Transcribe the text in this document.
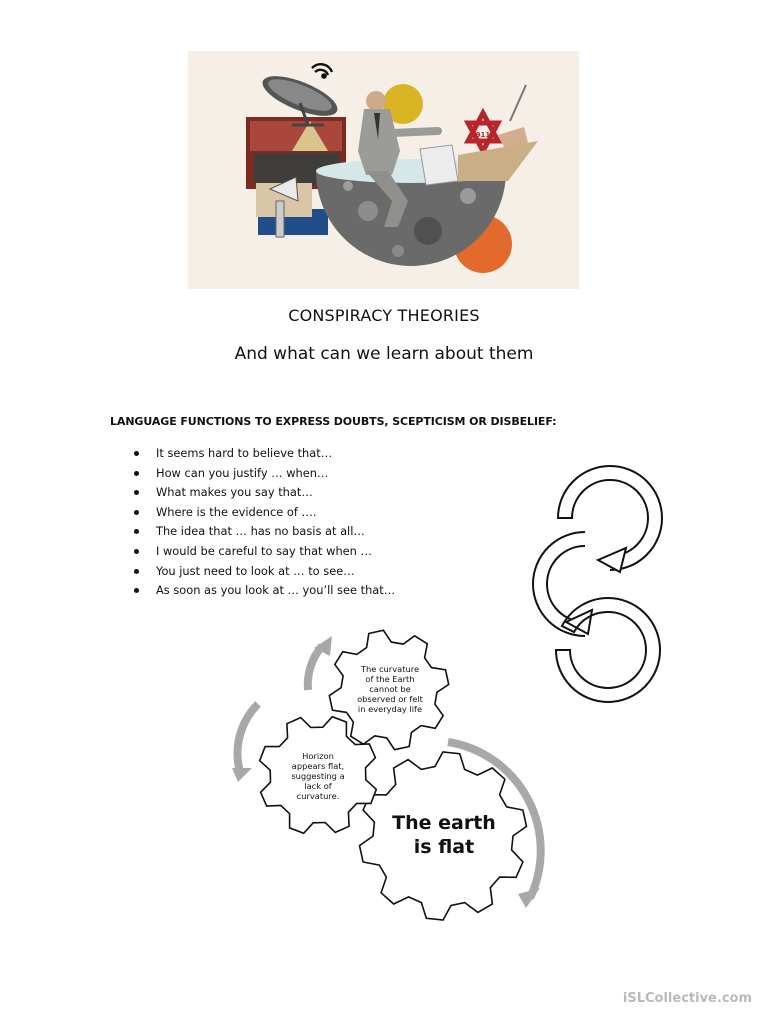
911
CONSPIRACY THEORIES
And what can we learn about them

LANGUAGE FUNCTIONS TO EXPRESS DOUBTS, SCEPTICISM OR DISBELIEF:

It seems hard to believe that…
How can you justify … when…
What makes you say that…
Where is the evidence of ….
The idea that … has no basis at all…
I would be careful to say that when …
You just need to look at … to see…
As soon as you look at … you’ll see that…
The curvature
of the Earth
cannot be
observed or felt
in everyday life
Horizon
appears flat,
suggesting a
lack of
curvature.
The earth
is flat
iSLCollective.com
